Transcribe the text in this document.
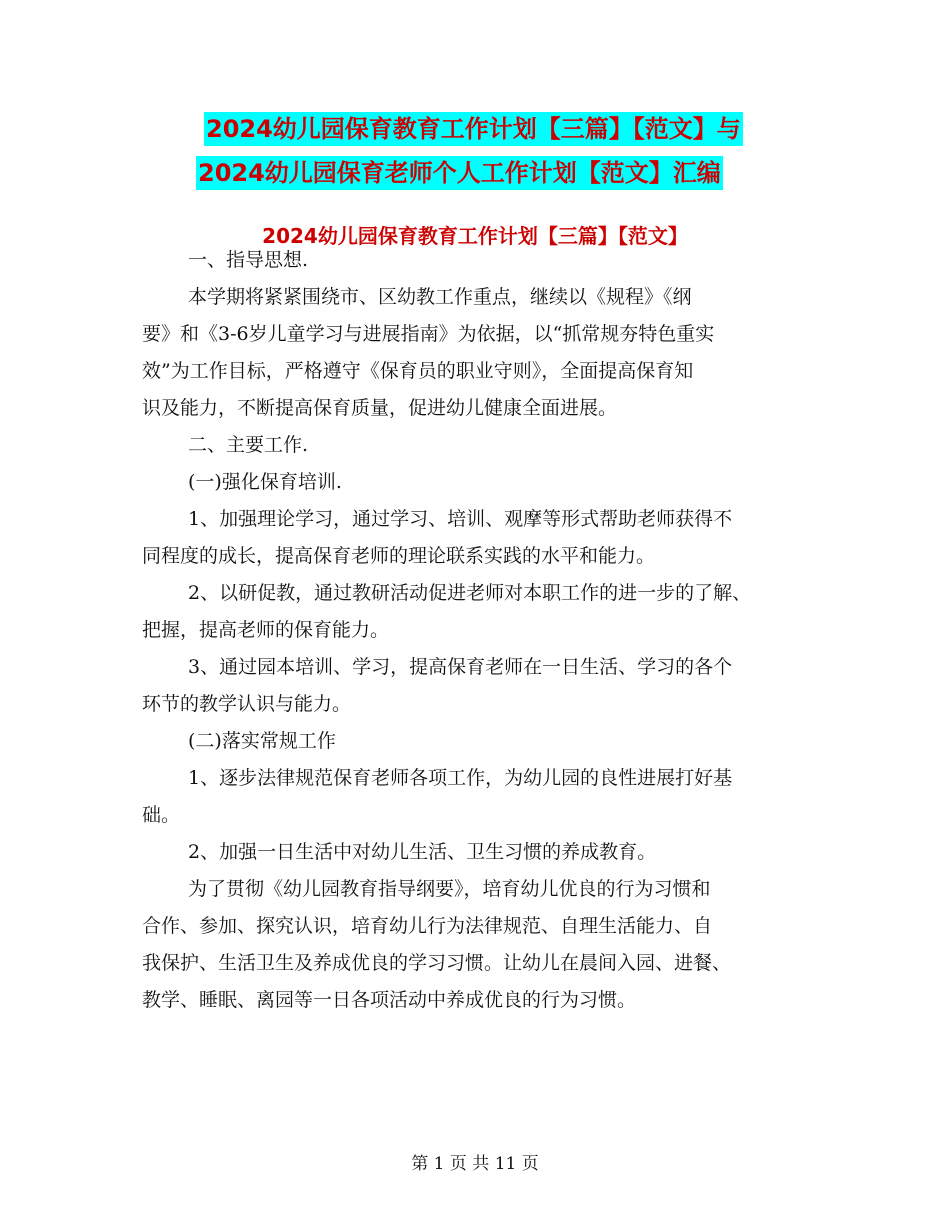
2024幼儿园保育教育工作计划【三篇】【范文】与
2024幼儿园保育老师个人工作计划【范文】汇编
2024幼儿园保育教育工作计划【三篇】【范文】
一、指导思想.
本学期将紧紧围绕市、区幼教工作重点，继续以《规程》《纲
要》和《3-6岁儿童学习与进展指南》为依据，以“抓常规夯特色重实
效”为工作目标，严格遵守《保育员的职业守则》，全面提高保育知
识及能力，不断提高保育质量，促进幼儿健康全面进展。
二、主要工作.
(一)强化保育培训.
1、加强理论学习，通过学习、培训、观摩等形式帮助老师获得不
同程度的成长，提高保育老师的理论联系实践的水平和能力。
2、以研促教，通过教研活动促进老师对本职工作的进一步的了解、
把握，提高老师的保育能力。
3、通过园本培训、学习，提高保育老师在一日生活、学习的各个
环节的教学认识与能力。
(二)落实常规工作
1、逐步法律规范保育老师各项工作，为幼儿园的良性进展打好基
础。
2、加强一日生活中对幼儿生活、卫生习惯的养成教育。
为了贯彻《幼儿园教育指导纲要》，培育幼儿优良的行为习惯和
合作、参加、探究认识，培育幼儿行为法律规范、自理生活能力、自
我保护、生活卫生及养成优良的学习习惯。让幼儿在晨间入园、进餐、
教学、睡眠、离园等一日各项活动中养成优良的行为习惯。
第 1 页 共 11 页
